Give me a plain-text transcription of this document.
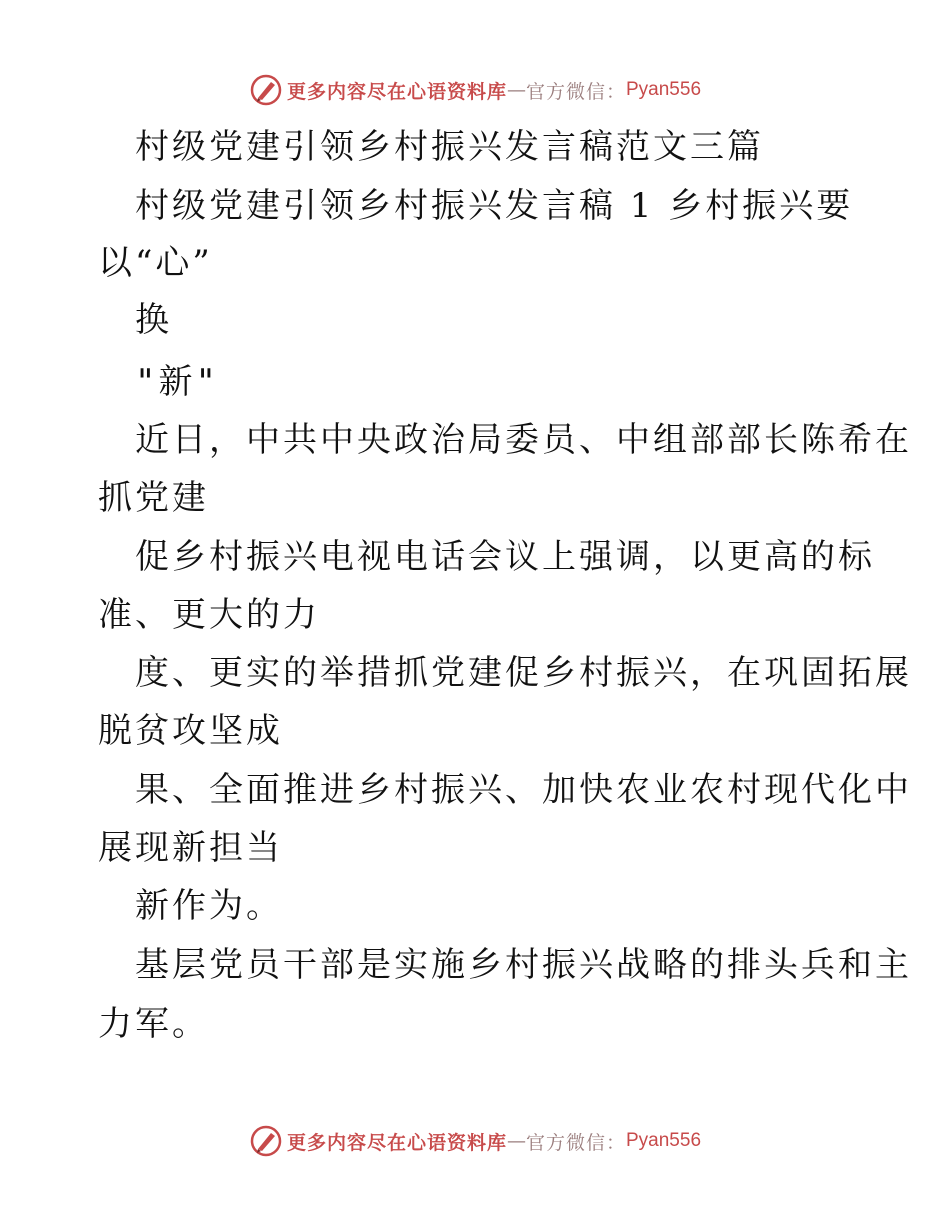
更多内容尽在心语资料库 — 官方微信： Pyan556
村级党建引领乡村振兴发言稿范文三篇
村级党建引领乡村振兴发言稿 1 乡村振兴要
以“心”
换
"新"
近日，中共中央政治局委员、中组部部长陈希在
抓党建
促乡村振兴电视电话会议上强调，以更高的标
准、更大的力
度、更实的举措抓党建促乡村振兴，在巩固拓展
脱贫攻坚成
果、全面推进乡村振兴、加快农业农村现代化中
展现新担当
新作为。
基层党员干部是实施乡村振兴战略的排头兵和主
力军。
更多内容尽在心语资料库 — 官方微信： Pyan556
